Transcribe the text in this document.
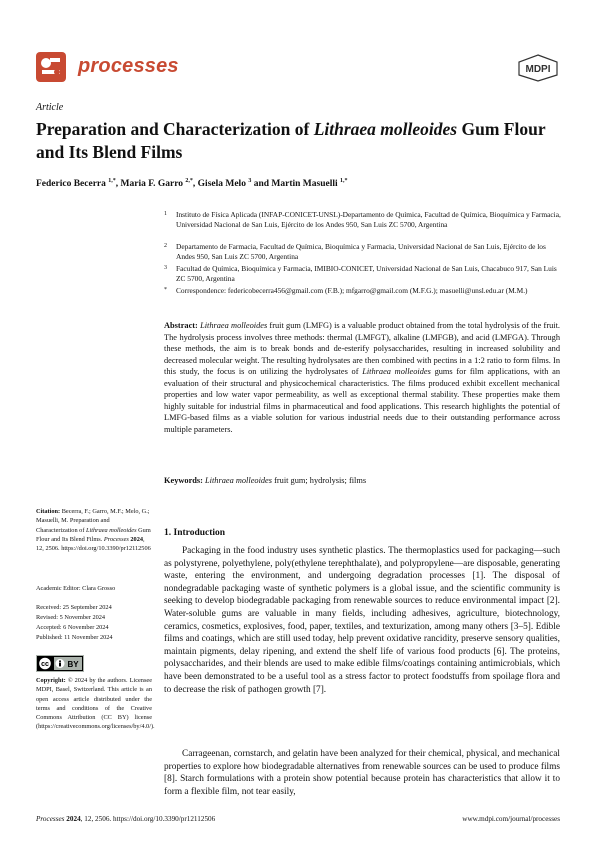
processes	MDPI
Article
Preparation and Characterization of Lithraea molleoides Gum Flour and Its Blend Films
Federico Becerra $^{1,*}$, Maria F. Garro $^{2,*}$, Gisela Melo $^3$ and Martin Masuelli $^{1,*}$
1	Instituto de Física Aplicada (INFAP-CONICET-UNSL)-Departamento de Química, Facultad de Química, Bioquímica y Farmacia, Universidad Nacional de San Luis, Ejército de los Andes 950, San Luis ZC 5700, Argentina
2	Departamento de Farmacia, Facultad de Química, Bioquímica y Farmacia, Universidad Nacional de San Luis, Ejército de los Andes 950, San Luis ZC 5700, Argentina
3	Facultad de Química, Bioquímica y Farmacia, IMIBIO-CONICET, Universidad Nacional de San Luis, Chacabuco 917, San Luis ZC 5700, Argentina
*	Correspondence: federicobecerra456@gmail.com (F.B.); mfgarro@gmail.com (M.F.G.); masuelli@unsl.edu.ar (M.M.)

Abstract: Lithraea molleoides fruit gum (LMFG) is a valuable product obtained from the total hydrolysis of the fruit. The hydrolysis process involves three methods: thermal (LMFGT), alkaline (LMFGB), and acid (LMFGA). Through these methods, the aim is to break bonds and de-esterify polysaccharides, resulting in increased solubility and decreased molecular weight. The resulting hydrolysates are then combined with pectins in a 1:2 ratio to form films. In this study, the focus is on utilizing the hydrolysates of Lithraea molleoides gums for film applications, with an evaluation of their structural and physicochemical characteristics. The films produced exhibit excellent mechanical properties and low water vapor permeability, as well as exceptional thermal stability. These properties make them highly suitable for industrial films in pharmaceutical and food applications. This research highlights the potential of LMFG-based films as a viable solution for various industrial needs due to their outstanding performance across multiple parameters.

Keywords: Lithraea molleoides fruit gum; hydrolysis; films

Citation: Becerra, F.; Garro, M.F.; Melo, G.; Masuelli, M. Preparation and Characterization of Lithraea molleoides Gum Flour and Its Blend Films. Processes 2024, 12, 2506. https://doi.org/10.3390/pr12112506
Academic Editor: Clara Grosso
Received: 25 September 2024
Revised: 5 November 2024
Accepted: 6 November 2024
Published: 11 November 2024
cc BY
Copyright: © 2024 by the authors. Licensee MDPI, Basel, Switzerland. This article is an open access article distributed under the terms and conditions of the Creative Commons Attribution (CC BY) license (https://creativecommons.org/licenses/by/4.0/).
1. Introduction

Packaging in the food industry uses synthetic plastics. The thermoplastics used for packaging—such as polystyrene, polyethylene, poly(ethylene terephthalate), and polypropylene—are disposable, generating waste, entering the environment, and undergoing degradation processes [1]. The disposal of nondegradable packaging waste of synthetic polymers is a global issue, and the scientific community is seeking to develop biodegradable packaging from renewable sources to reduce environmental impact [2]. Water-soluble gums are valuable in many fields, including adhesives, agriculture, biotechnology, ceramics, cosmetics, explosives, food, paper, textiles, and texturization, among many others [3–5]. Edible films and coatings, which are still used today, help prevent oxidative rancidity, preserve sensory qualities, maintain pigments, delay ripening, and extend the shelf life of various food products [6]. The proteins, polysaccharides, and their blends are used to make edible films/coatings containing antimicrobials, which have been demonstrated to be a useful tool as a stress factor to protect foodstuffs from spoilage flora and to decrease the risk of pathogen growth [7].

Carrageenan, cornstarch, and gelatin have been analyzed for their chemical, physical, and mechanical properties to explore how biodegradable alternatives from renewable sources can be used to produce films [8]. Starch formulations with a protein show potential because protein has characteristics that allow it to form a flexible film, not tear easily,

Processes 2024, 12, 2506. https://doi.org/10.3390/pr12112506	www.mdpi.com/journal/processes
